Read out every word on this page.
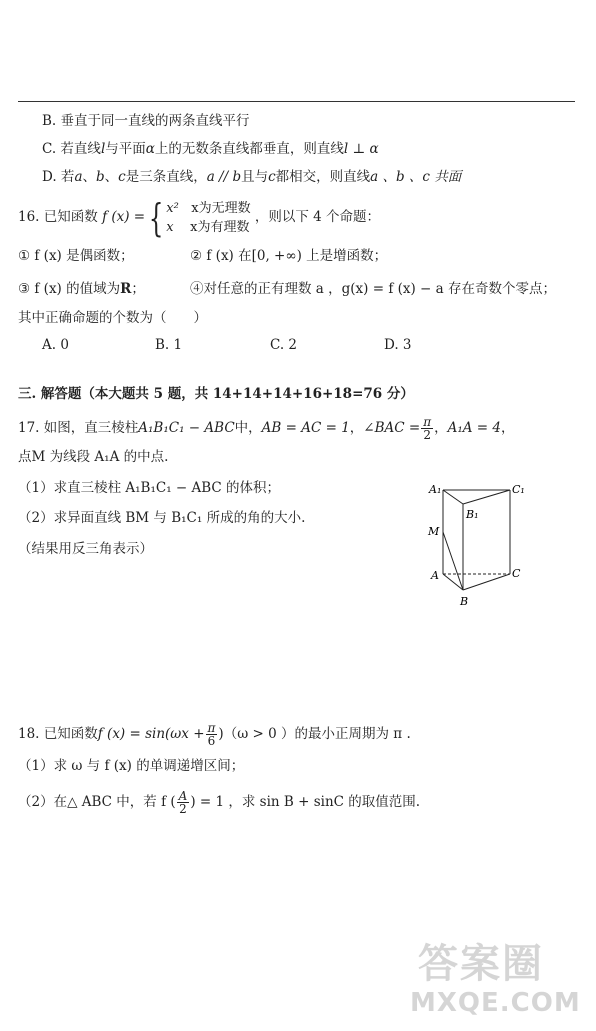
B. 垂直于同一直线的两条直线平行
C. 若直线l与平面α上的无数条直线都垂直，则直线l ⊥ α
D. 若a、b、c是三条直线，a // b且与c都相交，则直线a 、b 、c 共面
16. 已知函数 f (x) = { x² x为无理数
x x为有理数
，则以下 4 个命题：
① f (x) 是偶函数；	② f (x) 在[0, +∞) 上是增函数；
③ f (x) 的值域为R；	④对任意的正有理数 a ，g(x) = f (x) − a 存在奇数个零点；
其中正确命题的个数为（　　）
A. 0	B. 1	C. 2	D. 3
三. 解答题（本大题共 5 题，共 14+14+14+16+18=76 分）
17. 如图，直三棱柱A₁B₁C₁ − ABC中，AB = AC = 1，∠BAC = $\frac{\pi}{2}$ ，A₁A = 4，
点M 为线段 A₁A 的中点.
（1）求直三棱柱 A₁B₁C₁ − ABC 的体积；
（2）求异面直线 BM 与 B₁C₁ 所成的角的大小.
（结果用反三角表示）
A₁	C₁
B₁
M
A	C
B
18. 已知函数f $(x) = \sin(\omega x + \frac{\pi}{6} )(\omega > 0$ ）的最小正周期为 π .
（1）求 ω 与 f (x) 的单调递增区间；
（2）在△ ABC 中，若 f ( $\frac{A}{2}$ ) = 1 ，求 sin B + sinC 的取值范围.
答案圈
MXQE.COM
